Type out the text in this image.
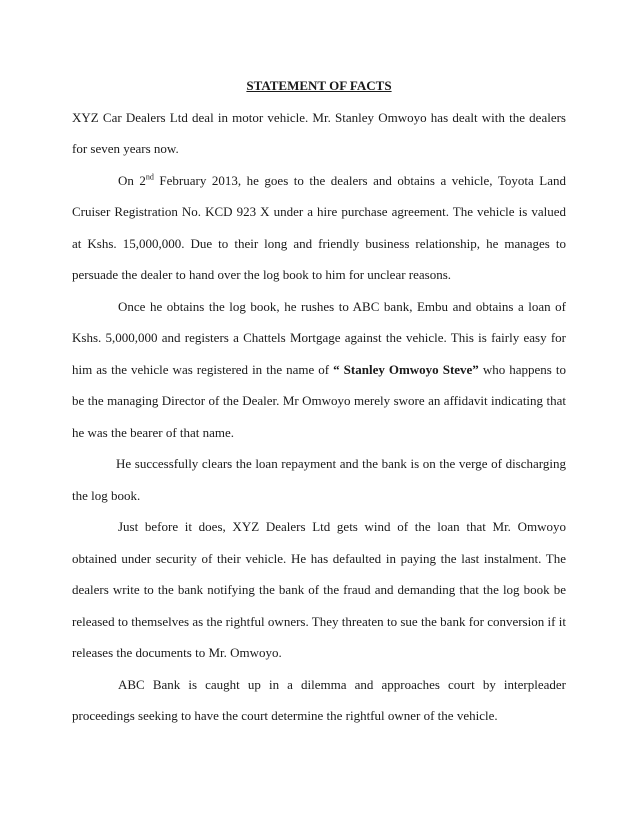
STATEMENT OF FACTS

XYZ Car Dealers Ltd deal in motor vehicle. Mr. Stanley Omwoyo has dealt with the dealers for seven years now.

On 2nd February 2013, he goes to the dealers and obtains a vehicle, Toyota Land Cruiser Registration No. KCD 923 X under a hire purchase agreement. The vehicle is valued at Kshs. 15,000,000. Due to their long and friendly business relationship, he manages to persuade the dealer to hand over the log book to him for unclear reasons.

Once he obtains the log book, he rushes to ABC bank, Embu and obtains a loan of Kshs. 5,000,000 and registers a Chattels Mortgage against the vehicle. This is fairly easy for him as the vehicle was registered in the name of “ Stanley Omwoyo Steve” who happens to be the managing Director of the Dealer. Mr Omwoyo merely swore an affidavit indicating that he was the bearer of that name.

He successfully clears the loan repayment and the bank is on the verge of discharging the log book.

Just before it does, XYZ Dealers Ltd gets wind of the loan that Mr. Omwoyo obtained under security of their vehicle. He has defaulted in paying the last instalment. The dealers write to the bank notifying the bank of the fraud and demanding that the log book be released to themselves as the rightful owners. They threaten to sue the bank for conversion if it releases the documents to Mr. Omwoyo.

ABC Bank is caught up in a dilemma and approaches court by interpleader proceedings seeking to have the court determine the rightful owner of the vehicle.
